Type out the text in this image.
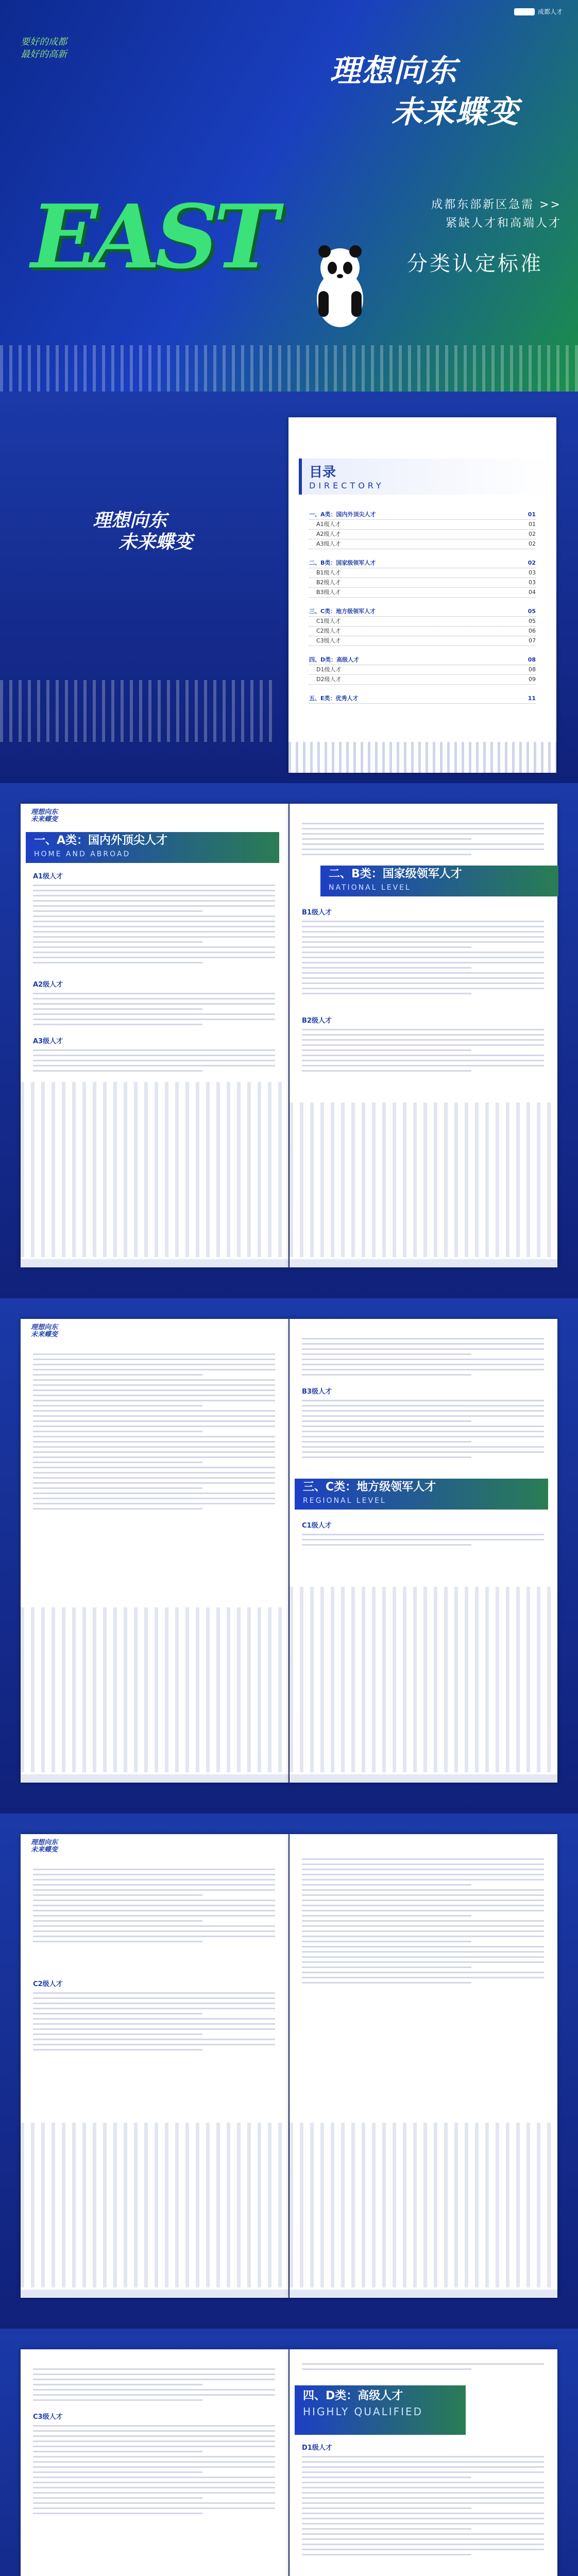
成都人才
要好的成都
最好的高新	理想向东
未来蝶变
EAST	成都东部新区急需 >>
紧缺人才和高端人才
分类认定标准
理想向东
未来蝶变
目录
DIRECTORY
一、A类：国内外顶尖人才	01
A1级人才	01
A2级人才	02
A3级人才	02
二、B类：国家级领军人才	02
B1级人才	03
B2级人才	03
B3级人才	04
三、C类：地方级领军人才	05
C1级人才	05
C2级人才	06
C3级人才	07
四、D类：高级人才	08
D1级人才	08
D2级人才	09
五、E类：优秀人才	11
理想向东
未来蝶变
一、A类：国内外顶尖人才
HOME AND ABROAD
A1级人才
A2级人才
A3级人才
二、B类：国家级领军人才
NATIONAL LEVEL
B1级人才
B2级人才
理想向东
未来蝶变
B3级人才
三、C类：地方级领军人才
REGIONAL LEVEL
C1级人才
理想向东
未来蝶变
C2级人才
C3级人才
四、D类：高级人才
HIGHLY QUALIFIED
D1级人才
